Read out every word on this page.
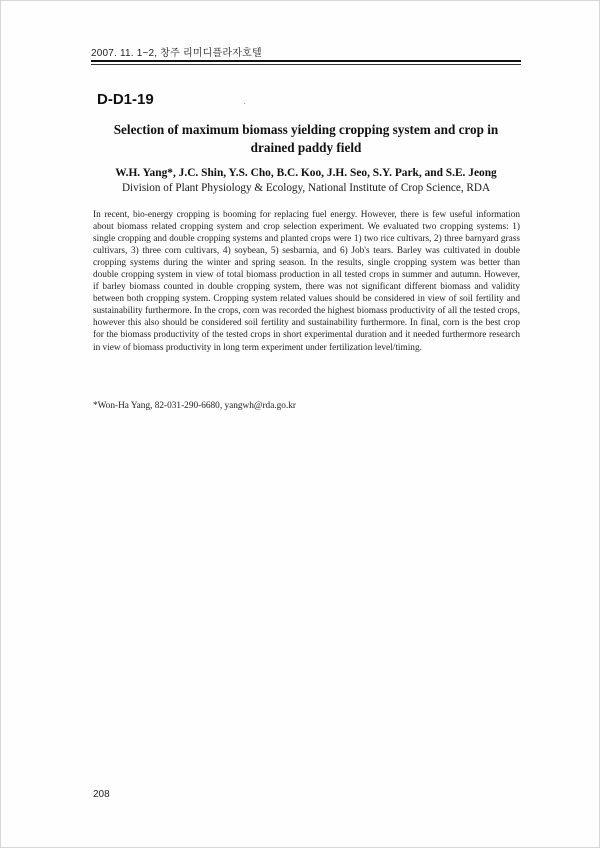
2007. 11. 1~2, 창주 리미디플라자호텔
D-D1-19
Selection of maximum biomass yielding cropping system and crop in
drained paddy field
W.H. Yang*, J.C. Shin, Y.S. Cho, B.C. Koo, J.H. Seo, S.Y. Park, and S.E. Jeong
Division of Plant Physiology & Ecology, National Institute of Crop Science, RDA

In recent, bio-energy cropping is booming for replacing fuel energy. However, there is few useful information about biomass related cropping system and crop selection experiment. We evaluated two cropping systems: 1) single cropping and double cropping systems and planted crops were 1) two rice cultivars, 2) three barnyard grass cultivars, 3) three corn cultivars, 4) soybean, 5) sesbarnia, and 6) Job's tears. Barley was cultivated in double cropping systems during the winter and spring season. In the results, single cropping system was better than double cropping system in view of total biomass production in all tested crops in summer and autumn. However, if barley biomass counted in double cropping system, there was not significant different biomass and validity between both cropping system. Cropping system related values should be considered in view of soil fertility and sustainability furthermore. In the crops, corn was recorded the highest biomass productivity of all the tested crops, however this also should be considered soil fertility and sustainability furthermore. In final, corn is the best crop for the biomass productivity of the tested crops in short experimental duration and it needed furthermore research in view of biomass productivity in long term experiment under fertilization level/timing.

*Won-Ha Yang, 82-031-290-6680, yangwh@rda.go.kr
208
